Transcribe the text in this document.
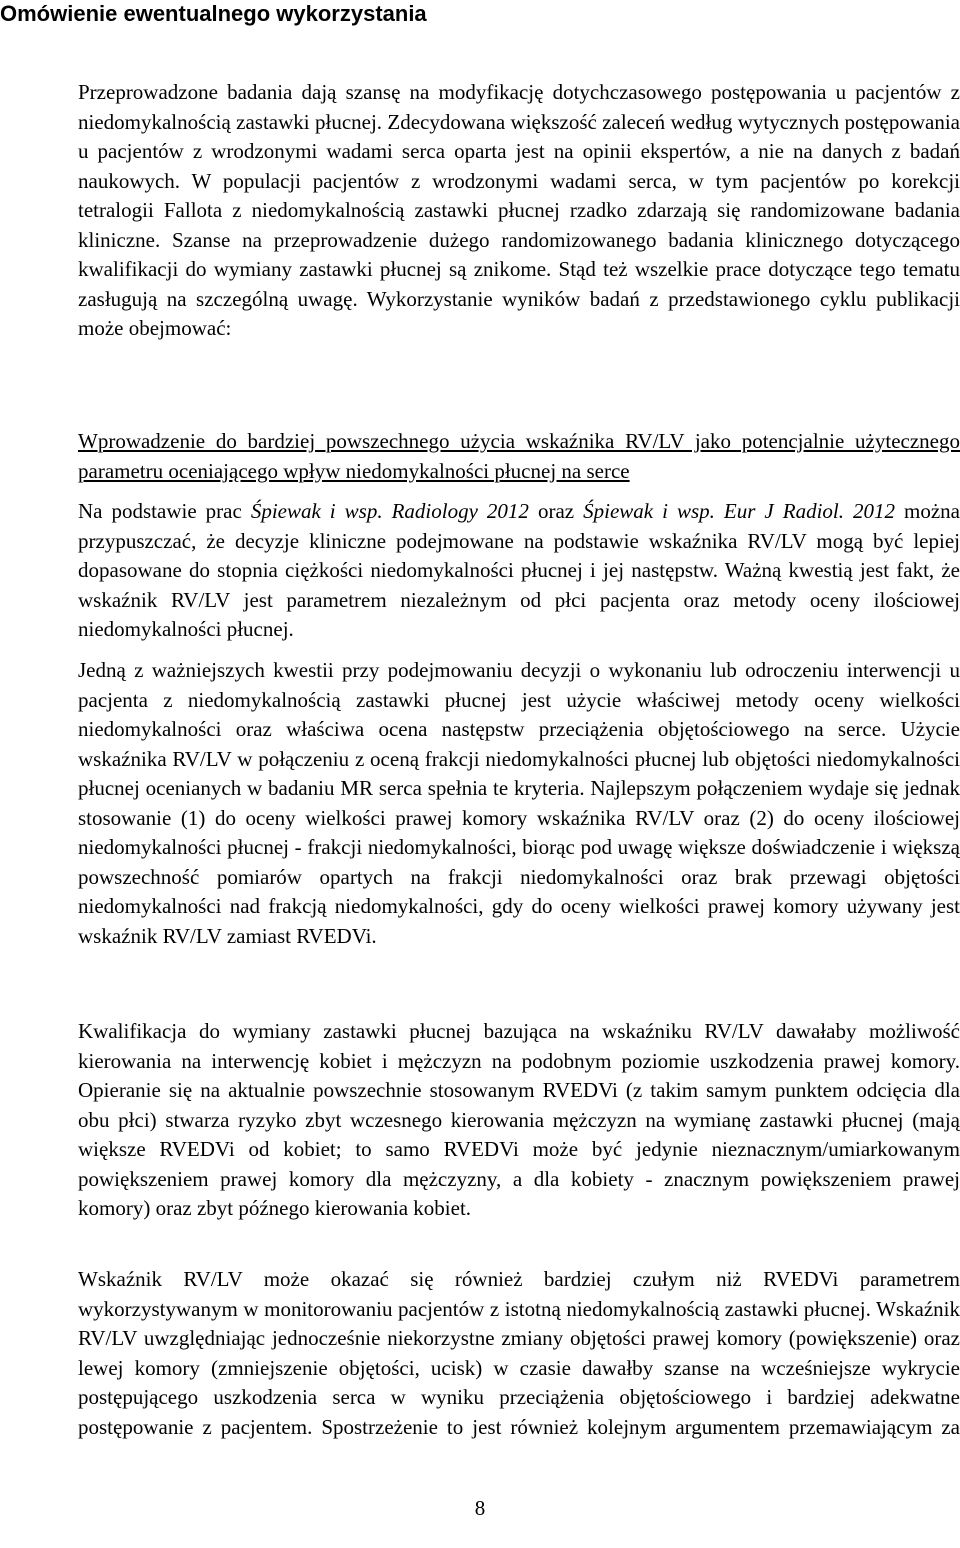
Omówienie ewentualnego wykorzystania

Przeprowadzone badania dają szansę na modyfikację dotychczasowego postępowania u pacjentów z niedomykalnością zastawki płucnej. Zdecydowana większość zaleceń według wytycznych postępowania u pacjentów z wrodzonymi wadami serca oparta jest na opinii ekspertów, a nie na danych z badań naukowych. W populacji pacjentów z wrodzonymi wadami serca, w tym pacjentów po korekcji tetralogii Fallota z niedomykalnością zastawki płucnej rzadko zdarzają się randomizowane badania kliniczne. Szanse na przeprowadzenie dużego randomizowanego badania klinicznego dotyczącego kwalifikacji do wymiany zastawki płucnej są znikome. Stąd też wszelkie prace dotyczące tego tematu zasługują na szczególną uwagę. Wykorzystanie wyników badań z przedstawionego cyklu publikacji może obejmować:

Wprowadzenie do bardziej powszechnego użycia wskaźnika RV/LV jako potencjalnie użytecznego parametru oceniającego wpływ niedomykalności płucnej na serce

Na podstawie prac Śpiewak i wsp. Radiology 2012 oraz Śpiewak i wsp. Eur J Radiol. 2012 można przypuszczać, że decyzje kliniczne podejmowane na podstawie wskaźnika RV/LV mogą być lepiej dopasowane do stopnia ciężkości niedomykalności płucnej i jej następstw. Ważną kwestią jest fakt, że wskaźnik RV/LV jest parametrem niezależnym od płci pacjenta oraz metody oceny ilościowej niedomykalności płucnej.

Jedną z ważniejszych kwestii przy podejmowaniu decyzji o wykonaniu lub odroczeniu interwencji u pacjenta z niedomykalnością zastawki płucnej jest użycie właściwej metody oceny wielkości niedomykalności oraz właściwa ocena następstw przeciążenia objętościowego na serce. Użycie wskaźnika RV/LV w połączeniu z oceną frakcji niedomykalności płucnej lub objętości niedomykalności płucnej ocenianych w badaniu MR serca spełnia te kryteria. Najlepszym połączeniem wydaje się jednak stosowanie (1) do oceny wielkości prawej komory wskaźnika RV/LV oraz (2) do oceny ilościowej niedomykalności płucnej - frakcji niedomykalności, biorąc pod uwagę większe doświadczenie i większą powszechność pomiarów opartych na frakcji niedomykalności oraz brak przewagi objętości niedomykalności nad frakcją niedomykalności, gdy do oceny wielkości prawej komory używany jest wskaźnik RV/LV zamiast RVEDVi.

Kwalifikacja do wymiany zastawki płucnej bazująca na wskaźniku RV/LV dawałaby możliwość kierowania na interwencję kobiet i mężczyzn na podobnym poziomie uszkodzenia prawej komory. Opieranie się na aktualnie powszechnie stosowanym RVEDVi (z takim samym punktem odcięcia dla obu płci) stwarza ryzyko zbyt wczesnego kierowania mężczyzn na wymianę zastawki płucnej (mają większe RVEDVi od kobiet; to samo RVEDVi może być jedynie nieznacznym/umiarkowanym powiększeniem prawej komory dla mężczyzny, a dla kobiety - znacznym powiększeniem prawej komory) oraz zbyt późnego kierowania kobiet.

Wskaźnik RV/LV może okazać się również bardziej czułym niż RVEDVi parametrem wykorzystywanym w monitorowaniu pacjentów z istotną niedomykalnością zastawki płucnej. Wskaźnik RV/LV uwzględniając jednocześnie niekorzystne zmiany objętości prawej komory (powiększenie) oraz lewej komory (zmniejszenie objętości, ucisk) w czasie dawałby szanse na wcześniejsze wykrycie postępującego uszkodzenia serca w wyniku przeciążenia objętościowego i bardziej adekwatne postępowanie z pacjentem. Spostrzeżenie to jest również kolejnym argumentem przemawiającym za

8
